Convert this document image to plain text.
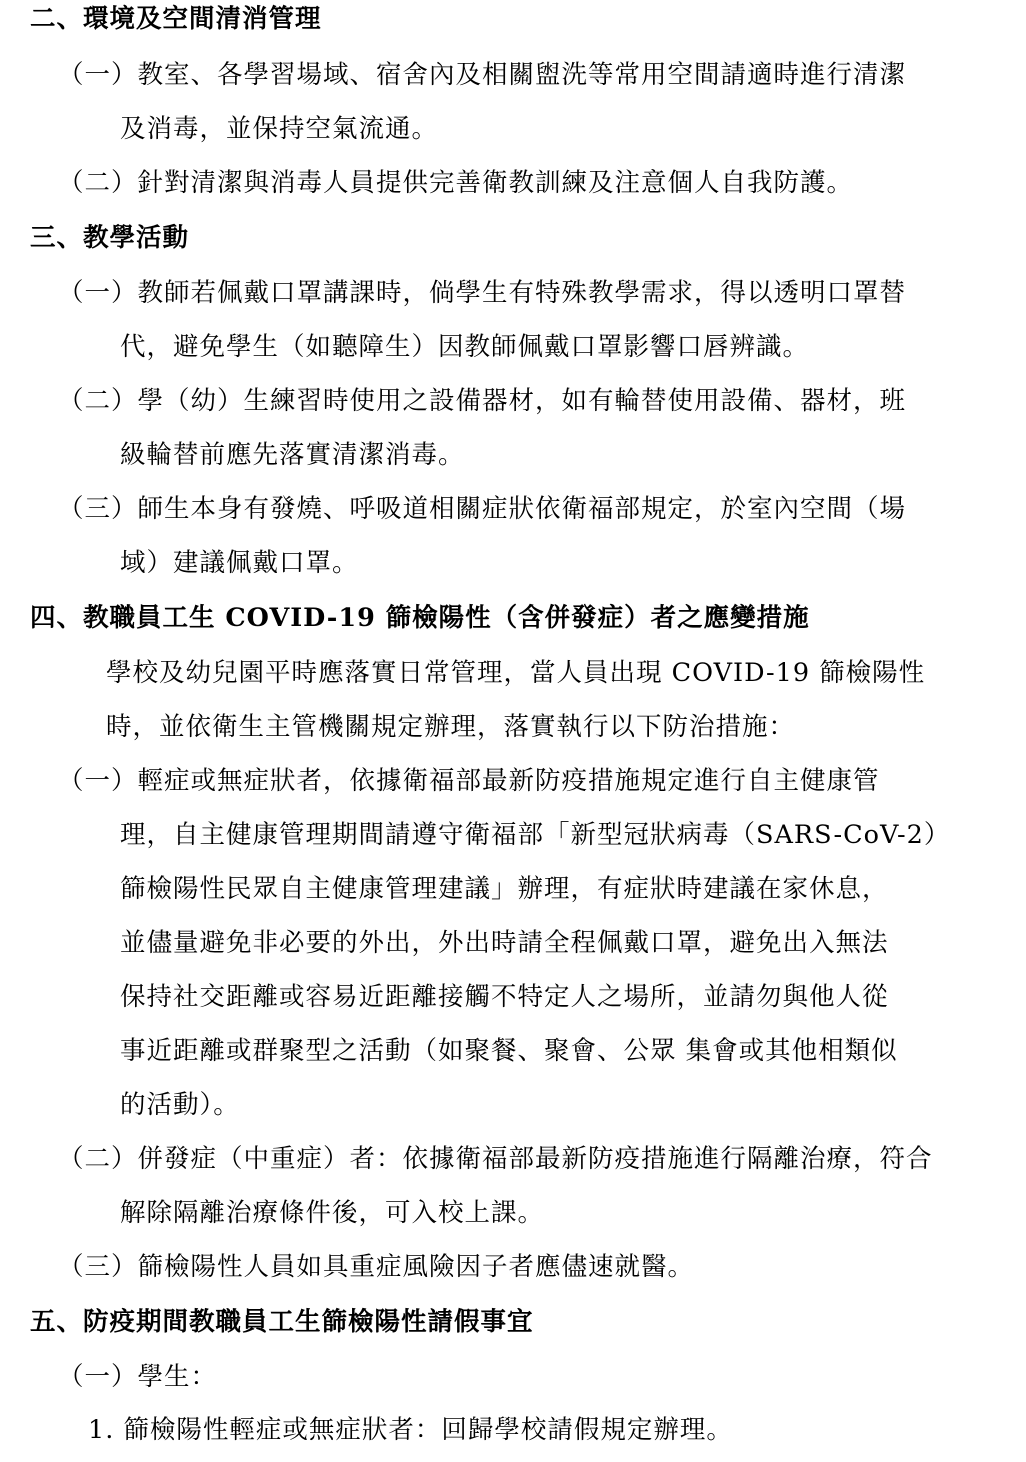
二、環境及空間清消管理
（一）教室、各學習場域、宿舍內及相關盥洗等常用空間請適時進行清潔
及消毒，並保持空氣流通。
（二）針對清潔與消毒人員提供完善衛教訓練及注意個人自我防護。
三、教學活動
（一）教師若佩戴口罩講課時，倘學生有特殊教學需求，得以透明口罩替
代，避免學生（如聽障生）因教師佩戴口罩影響口唇辨識。
（二）學（幼）生練習時使用之設備器材，如有輪替使用設備、器材，班
級輪替前應先落實清潔消毒。
（三）師生本身有發燒、呼吸道相關症狀依衛福部規定，於室內空間（場
域）建議佩戴口罩。
四、教職員工生 COVID-19 篩檢陽性（含併發症）者之應變措施
學校及幼兒園平時應落實日常管理，當人員出現 COVID-19 篩檢陽性
時，並依衛生主管機關規定辦理，落實執行以下防治措施：
（一）輕症或無症狀者，依據衛福部最新防疫措施規定進行自主健康管
理，自主健康管理期間請遵守衛福部「新型冠狀病毒（SARS-CoV-2）
篩檢陽性民眾自主健康管理建議」辦理，有症狀時建議在家休息，
並儘量避免非必要的外出，外出時請全程佩戴口罩，避免出入無法
保持社交距離或容易近距離接觸不特定人之場所，並請勿與他人從
事近距離或群聚型之活動（如聚餐、聚會、公眾 集會或其他相類似
的活動）。
（二）併發症（中重症）者：依據衛福部最新防疫措施進行隔離治療，符合
解除隔離治療條件後，可入校上課。
（三）篩檢陽性人員如具重症風險因子者應儘速就醫。
五、防疫期間教職員工生篩檢陽性請假事宜
（一）學生：
1. 篩檢陽性輕症或無症狀者：回歸學校請假規定辦理。
